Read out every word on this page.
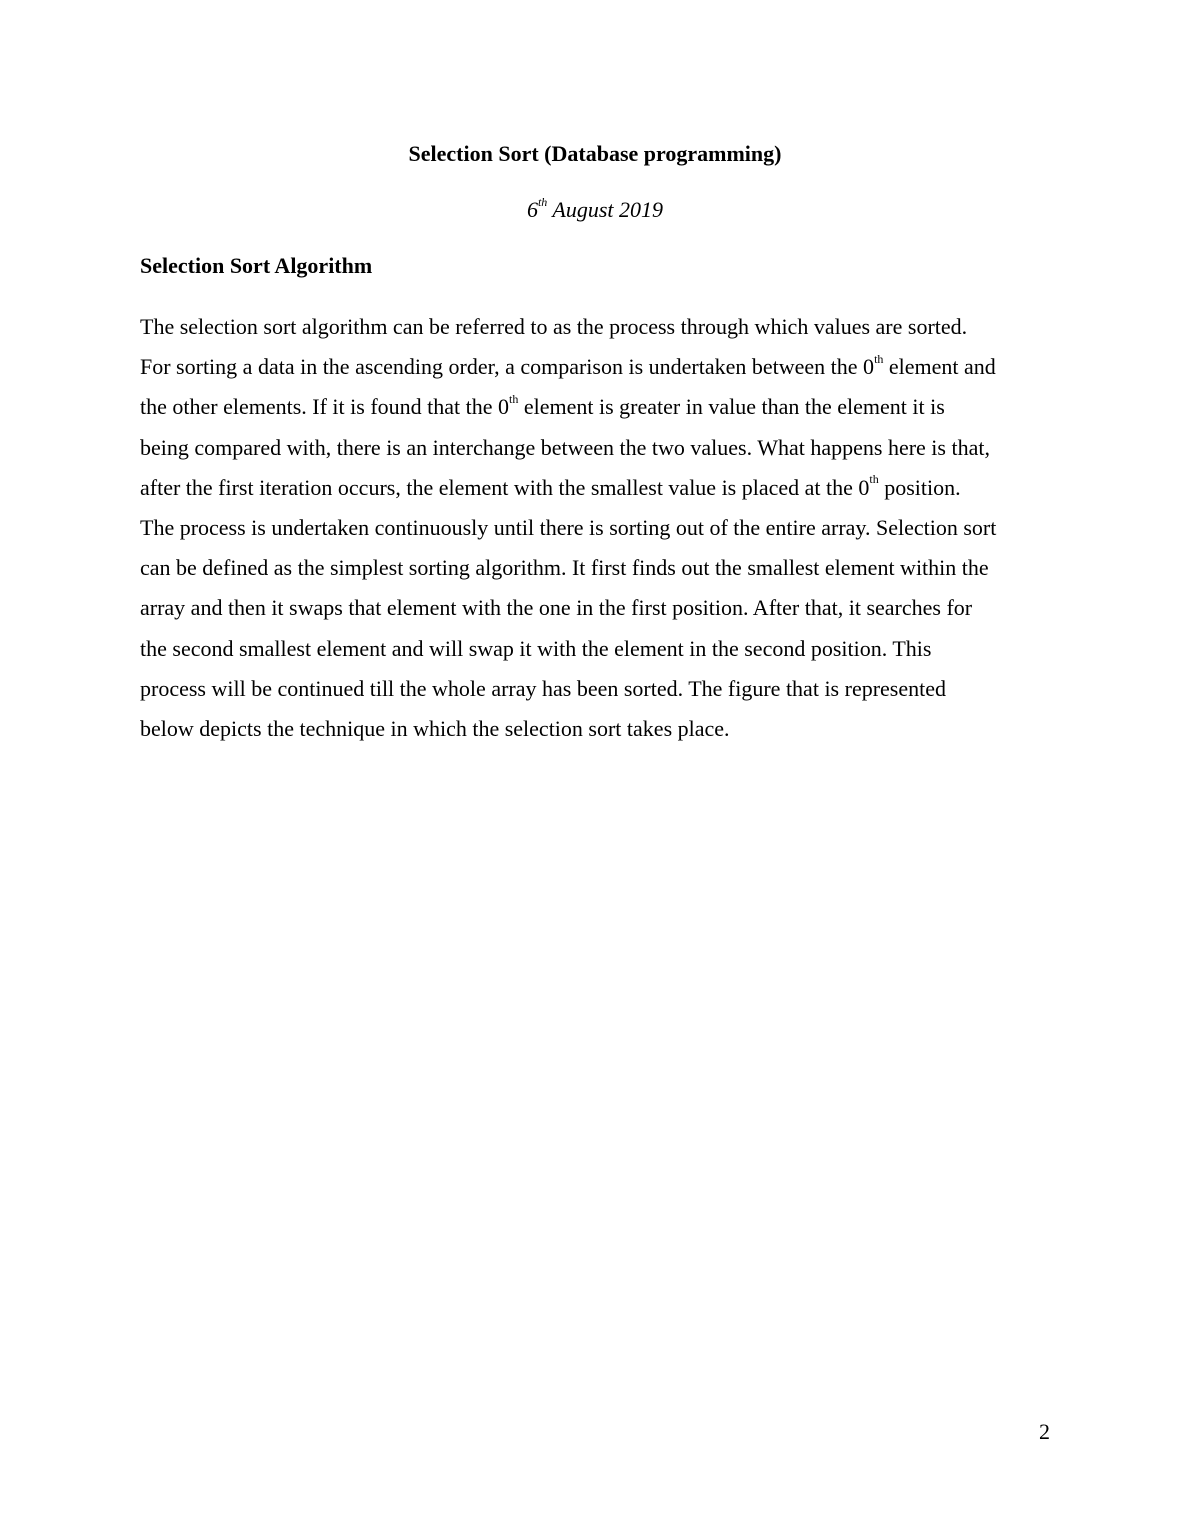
Selection Sort (Database programming)
6th August 2019
Selection Sort Algorithm

The selection sort algorithm can be referred to as the process through which values are sorted.
For sorting a data in the ascending order, a comparison is undertaken between the 0th element and
the other elements. If it is found that the 0th element is greater in value than the element it is
being compared with, there is an interchange between the two values. What happens here is that,
after the first iteration occurs, the element with the smallest value is placed at the 0th position.
The process is undertaken continuously until there is sorting out of the entire array. Selection sort
can be defined as the simplest sorting algorithm. It first finds out the smallest element within the
array and then it swaps that element with the one in the first position. After that, it searches for
the second smallest element and will swap it with the element in the second position. This
process will be continued till the whole array has been sorted. The figure that is represented
below depicts the technique in which the selection sort takes place.

2
